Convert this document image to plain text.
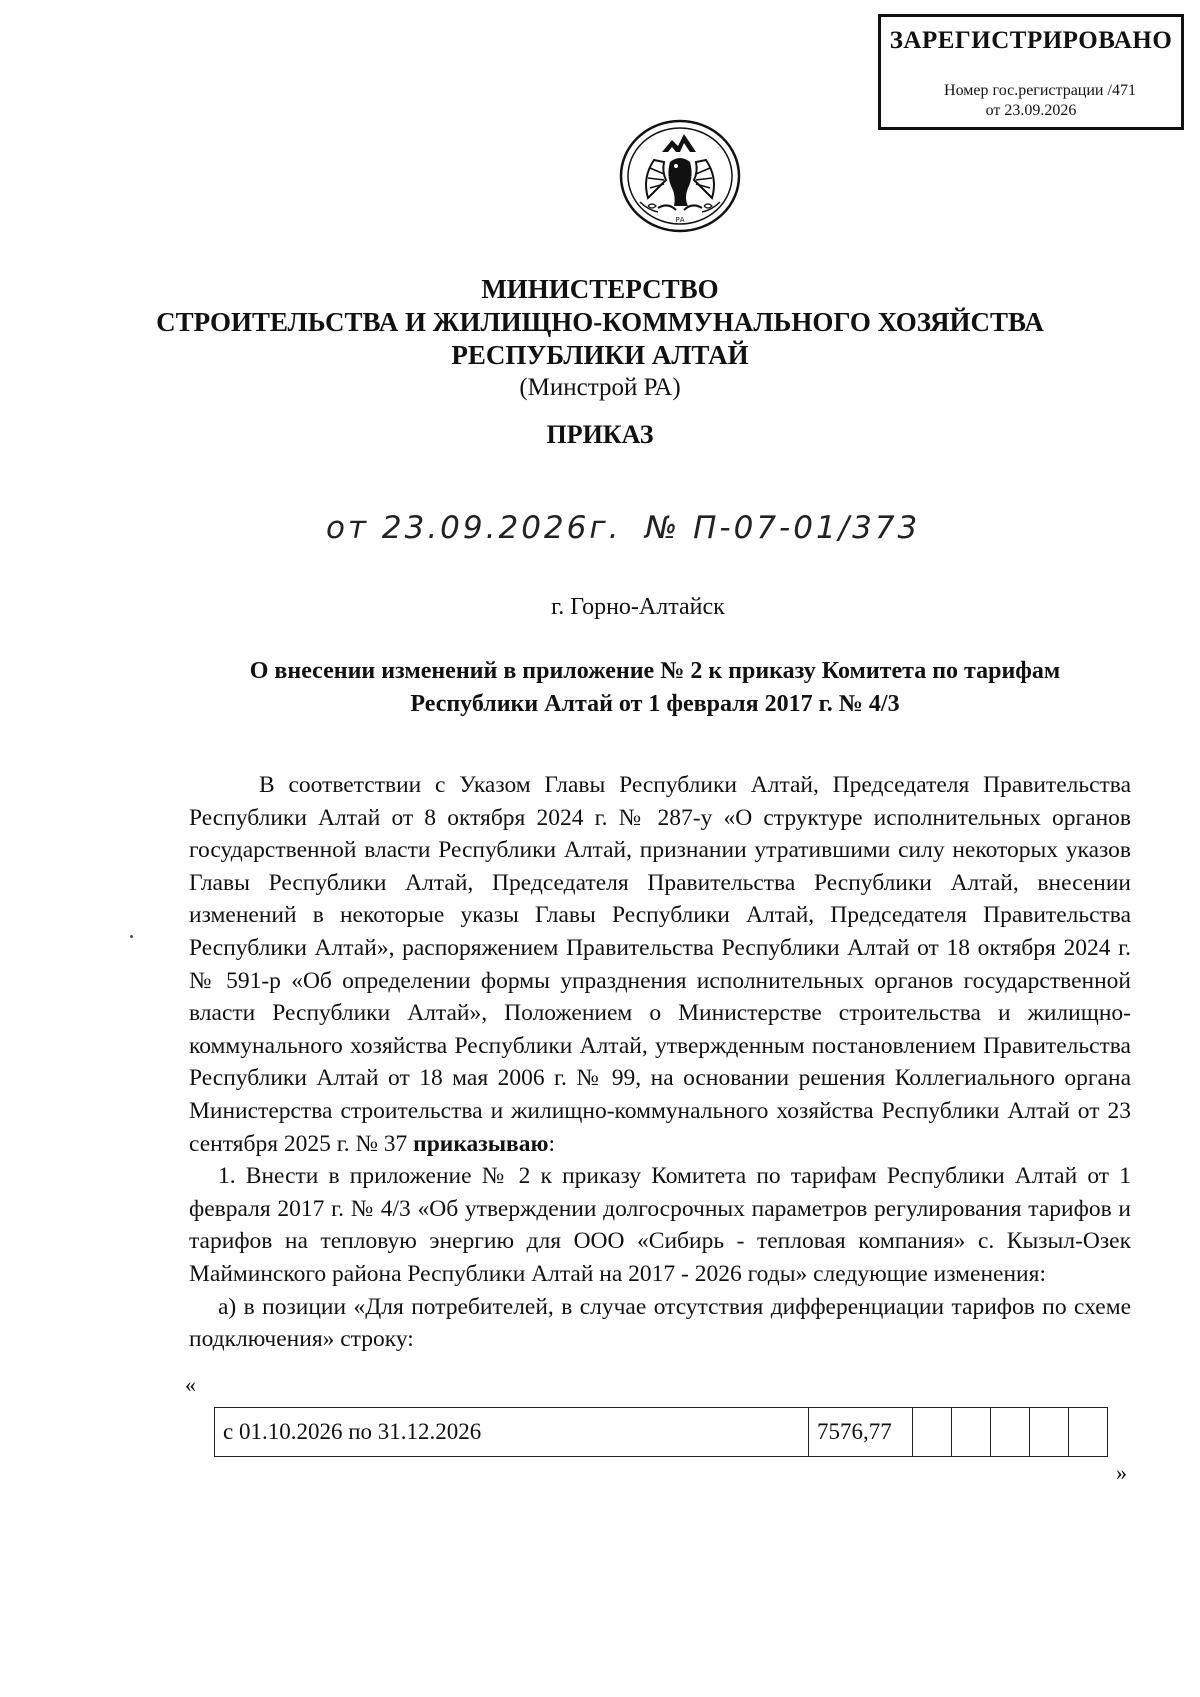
ЗАРЕГИСТРИРОВАНО
Номер гос.регистрации /471
от 23.09.2026
РА
МИНИСТЕРСТВО
СТРОИТЕЛЬСТВА И ЖИЛИЩНО-КОММУНАЛЬНОГО ХОЗЯЙСТВА
РЕСПУБЛИКИ АЛТАЙ
(Минстрой РА)
ПРИКАЗ
от 23.09.2026г. № П-07-01/373
г. Горно-Алтайск
О внесении изменений в приложение № 2 к приказу Комитета по тарифам
Республики Алтай от 1 февраля 2017 г. № 4/3

В соответствии с Указом Главы Республики Алтай, Председателя Правительства Республики Алтай от 8 октября 2024 г. № 287-у «О структуре исполнительных органов государственной власти Республики Алтай, признании утратившими силу некоторых указов Главы Республики Алтай, Председателя Правительства Республики Алтай, внесении изменений в некоторые указы Главы Республики Алтай, Председателя Правительства Республики Алтай», распоряжением Правительства Республики Алтай от 18 октября 2024 г. № 591-р «Об определении формы упразднения исполнительных органов государственной власти Республики Алтай», Положением о Министерстве строительства и жилищно-коммунального хозяйства Республики Алтай, утвержденным постановлением Правительства Республики Алтай от 18 мая 2006 г. № 99, на основании решения Коллегиального органа Министерства строительства и жилищно-коммунального хозяйства Республики Алтай от 23 сентября 2025 г. № 37 приказываю:

1. Внести в приложение № 2 к приказу Комитета по тарифам Республики Алтай от 1 февраля 2017 г. № 4/3 «Об утверждении долгосрочных параметров регулирования тарифов и тарифов на тепловую энергию для ООО «Сибирь - тепловая компания» с. Кызыл-Озек Майминского района Республики Алтай на 2017 - 2026 годы» следующие изменения:

а) в позиции «Для потребителей, в случае отсутствия дифференциации тарифов по схеме подключения» строку:

«
с 01.10.2026 по 31.12.2026	7576,77					
»
